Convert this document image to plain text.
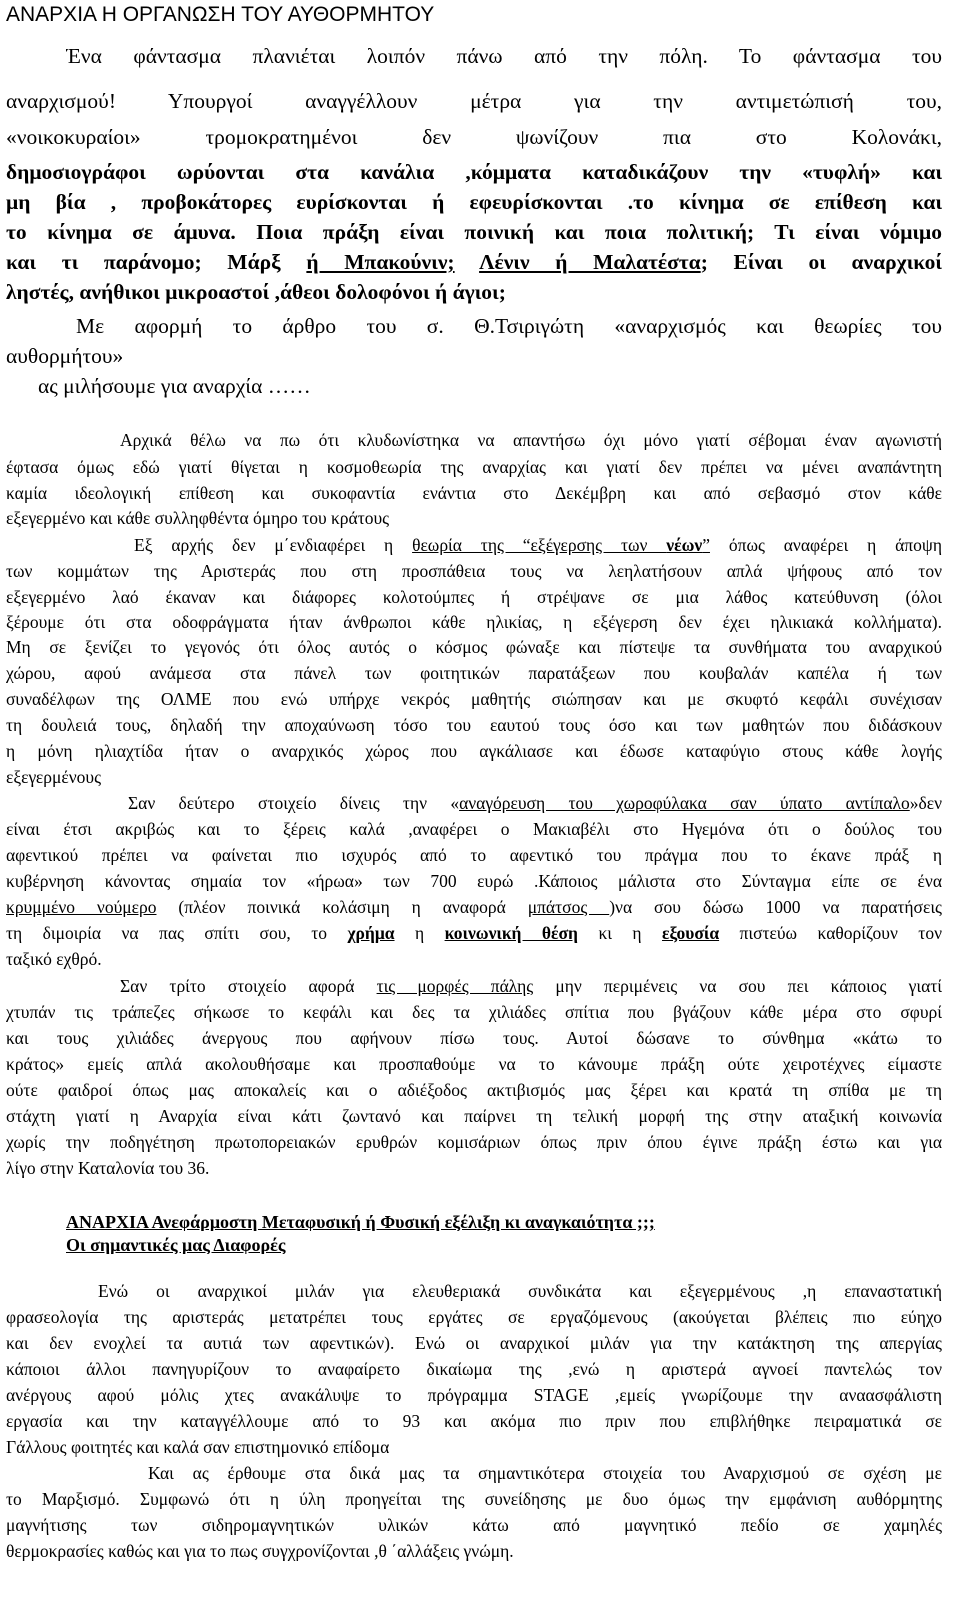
ΑΝΑΡΧΙΑ Η ΟΡΓΑΝΩΣΗ ΤΟΥ ΑΥΘΟΡΜΗΤΟΥ
Ένα φάντασμα πλανιέται λοιπόν πάνω από την πόλη. Το φάντασμα του
αναρχισμού! Υπουργοί αναγγέλλουν μέτρα για την αντιμετώπισή του,
«νοικοκυραίοι» τρομοκρατημένοι δεν ψωνίζουν πια στο Κολονάκι,
δημοσιογράφοι ωρύονται στα κανάλια ,κόμματα καταδικάζουν την «τυφλή» και
μη βία , προβοκάτορες ευρίσκονται ή εφευρίσκονται .το κίνημα σε επίθεση και
το κίνημα σε άμυνα. Ποια πράξη είναι ποινική και ποια πολιτική; Τι είναι νόμιμο
και τι παράνομο; Μάρξ ή Μπακούνιν; Λένιν ή Μαλατέστα; Είναι οι αναρχικοί
ληστές, ανήθικοι μικροαστοί ,άθεοι δολοφόνοι ή άγιοι;
Με αφορμή το άρθρο του σ. Θ.Τσιριγώτη «αναρχισμός και θεωρίες του
αυθορμήτου»
ας μιλήσουμε για αναρχία ……
Αρχικά θέλω να πω ότι κλυδωνίστηκα να απαντήσω όχι μόνο γιατί σέβομαι έναν αγωνιστή
έφτασα όμως εδώ γιατί θίγεται η κοσμοθεωρία της αναρχίας και γιατί δεν πρέπει να μένει αναπάντητη
καμία ιδεολογική επίθεση και συκοφαντία ενάντια στο Δεκέμβρη και από σεβασμό στον κάθε
εξεγερμένο και κάθε συλληφθέντα όμηρο του κράτους
Εξ αρχής δεν μ΄ενδιαφέρει η θεωρία της “εξέγερσης των νέων” όπως αναφέρει η άποψη
των κομμάτων της Αριστεράς που στη προσπάθεια τους να λεηλατήσουν απλά ψήφους από τον
εξεγερμένο λαό έκαναν και διάφορες κολοτούμπες ή στρέψανε σε μια λάθος κατεύθυνση (όλοι
ξέρουμε ότι στα οδοφράγματα ήταν άνθρωποι κάθε ηλικίας, η εξέγερση δεν έχει ηλικιακά κολλήματα).
Μη σε ξενίζει το γεγονός ότι όλος αυτός ο κόσμος φώναξε και πίστεψε τα συνθήματα του αναρχικού
χώρου, αφού ανάμεσα στα πάνελ των φοιτητικών παρατάξεων που κουβαλάν καπέλα ή των
συναδέλφων της ΟΛΜΕ που ενώ υπήρχε νεκρός μαθητής σιώπησαν και με σκυφτό κεφάλι συνέχισαν
τη δουλειά τους, δηλαδή την αποχαύνωση τόσο του εαυτού τους όσο και των μαθητών που διδάσκουν
η μόνη ηλιαχτίδα ήταν ο αναρχικός χώρος που αγκάλιασε και έδωσε καταφύγιο στους κάθε λογής
εξεγερμένους
Σαν δεύτερο στοιχείο δίνεις την «αναγόρευση του χωροφύλακα σαν ύπατο αντίπαλο»δεν
είναι έτσι ακριβώς και το ξέρεις καλά ,αναφέρει ο Μακιαβέλι στο Ηγεμόνα ότι ο δούλος του
αφεντικού πρέπει να φαίνεται πιο ισχυρός από το αφεντικό του πράγμα που το έκανε πράξ η
κυβέρνηση κάνοντας σημαία τον «ήρωα» των 700 ευρώ .Κάποιος μάλιστα στο Σύνταγμα είπε σε ένα
κρυμμένο νούμερο (πλέον ποινικά κολάσιμη η αναφορά μπάτσος )να σου δώσω 1000 να παρατήσεις
τη διμοιρία να πας σπίτι σου, το χρήμα η κοινωνική θέση κι η εξουσία πιστεύω καθορίζουν τον
ταξικό εχθρό.
Σαν τρίτο στοιχείο αφορά τις μορφές πάλης μην περιμένεις να σου πει κάποιος γιατί
χτυπάν τις τράπεζες σήκωσε το κεφάλι και δες τα χιλιάδες σπίτια που βγάζουν κάθε μέρα στο σφυρί
και τους χιλιάδες άνεργους που αφήνουν πίσω τους. Αυτοί δώσανε το σύνθημα «κάτω το
κράτος» εμείς απλά ακολουθήσαμε και προσπαθούμε να το κάνουμε πράξη ούτε χειροτέχνες είμαστε
ούτε φαιδροί όπως μας αποκαλείς και ο αδιέξοδος ακτιβισμός μας ξέρει και κρατά τη σπίθα με τη
στάχτη γιατί η Αναρχία είναι κάτι ζωντανό και παίρνει τη τελική μορφή της στην αταξική κοινωνία
χωρίς την ποδηγέτηση πρωτοπορειακών ερυθρών κομισάριων όπως πριν όπου έγινε πράξη έστω και για
λίγο στην Καταλονία του 36.
ΑΝΑΡΧΙΑ Ανεφάρμοστη Μεταφυσική ή Φυσική εξέλιξη κι αναγκαιότητα ;;;
Οι σημαντικές μας Διαφορές
Ενώ οι αναρχικοί μιλάν για ελευθεριακά συνδικάτα και εξεγερμένους ,η επαναστατική
φρασεολογία της αριστεράς μετατρέπει τους εργάτες σε εργαζόμενους (ακούγεται βλέπεις πιο εύηχο
και δεν ενοχλεί τα αυτιά των αφεντικών). Ενώ οι αναρχικοί μιλάν για την κατάκτηση της απεργίας
κάποιοι άλλοι πανηγυρίζουν το αναφαίρετο δικαίωμα της ,ενώ η αριστερά αγνοεί παντελώς τον
ανέργους αφού μόλις χτες ανακάλυψε το πρόγραμμα STAGE ,εμείς γνωρίζουμε την αναασφάλιστη
εργασία και την καταγγέλλουμε από το 93 και ακόμα πιο πριν που επιβλήθηκε πειραματικά σε
Γάλλους φοιτητές και καλά σαν επιστημονικό επίδομα
Και ας έρθουμε στα δικά μας τα σημαντικότερα στοιχεία του Αναρχισμού σε σχέση με
το Μαρξισμό. Συμφωνώ ότι η ύλη προηγείται της συνείδησης με δυο όμως την εμφάνιση αυθόρμητης
μαγνήτισης των σιδηρομαγνητικών υλικών κάτω από μαγνητικό πεδίο σε χαμηλές
θερμοκρασίες καθώς και για το πως συγχρονίζονται ,θ ΄αλλάξεις γνώμη.
